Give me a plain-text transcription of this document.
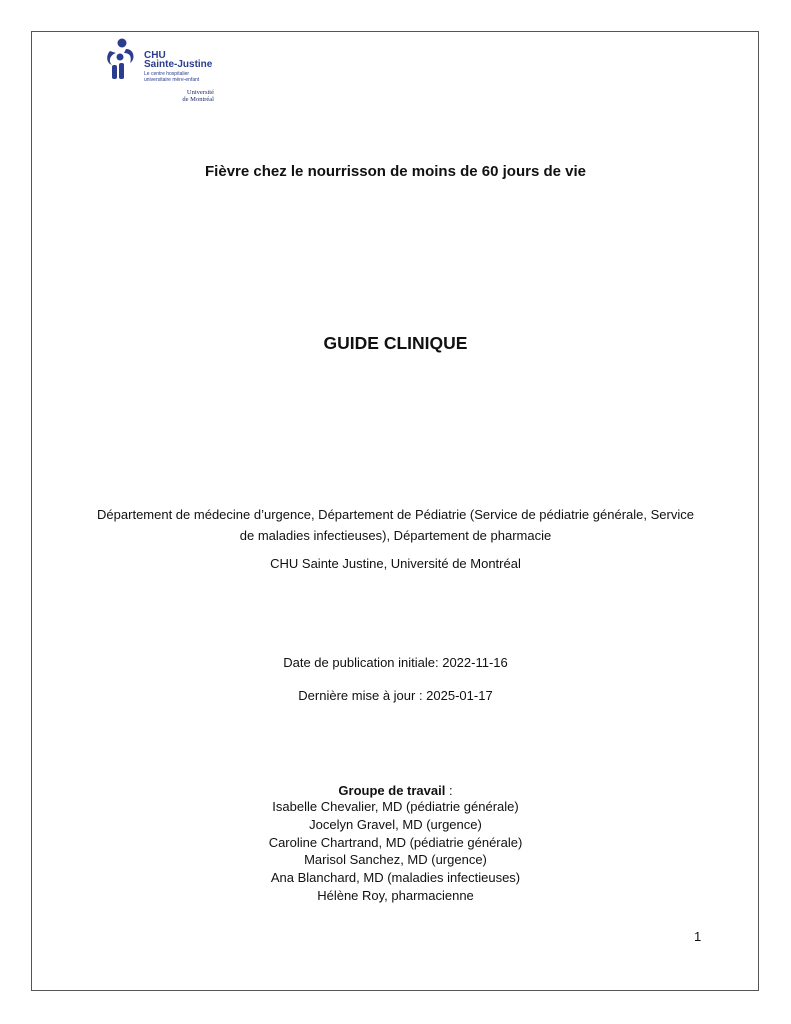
CHU
Sainte-Justine
Le centre hospitalier universitaire mère-enfant
Université
de Montréal
Fièvre chez le nourrisson de moins de 60 jours de vie
GUIDE CLINIQUE
Département de médecine d’urgence, Département de Pédiatrie (Service de pédiatrie générale, Service
de maladies infectieuses), Département de pharmacie
CHU Sainte Justine, Université de Montréal
Date de publication initiale: 2022-11-16
Dernière mise à jour : 2025-01-17
Groupe de travail :
Isabelle Chevalier, MD (pédiatrie générale)
Jocelyn Gravel, MD (urgence)
Caroline Chartrand, MD (pédiatrie générale)
Marisol Sanchez, MD (urgence)
Ana Blanchard, MD (maladies infectieuses)
Hélène Roy, pharmacienne
1
